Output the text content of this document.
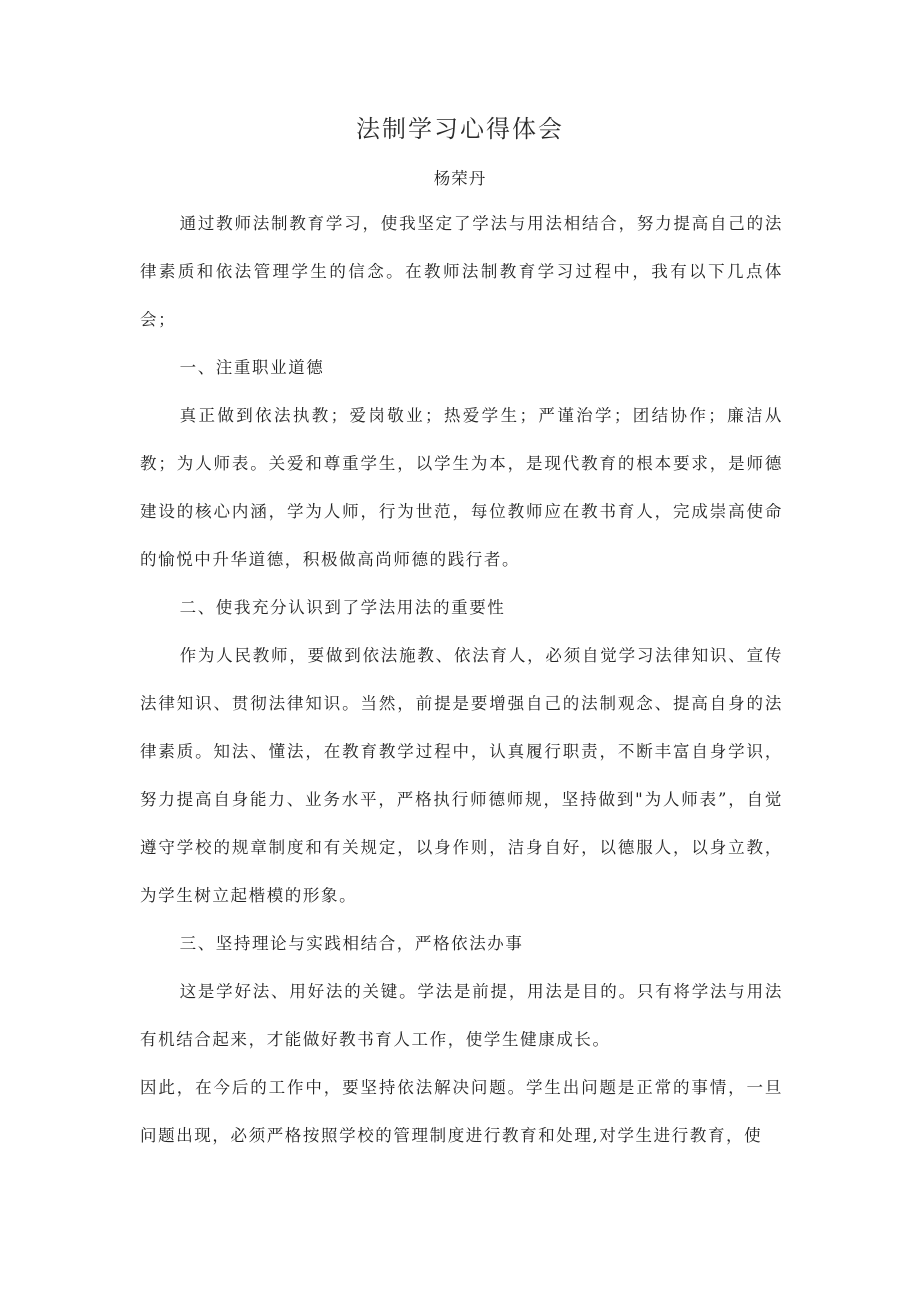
法制学习心得体会
杨荣丹

通过教师法制教育学习，使我坚定了学法与用法相结合，努力提高自己的法律素质和依法管理学生的信念。在教师法制教育学习过程中，我有以下几点体会；

一、注重职业道德

真正做到依法执教；爱岗敬业；热爱学生；严谨治学；团结协作；廉洁从教；为人师表。关爱和尊重学生，以学生为本，是现代教育的根本要求，是师德建设的核心内涵，学为人师，行为世范，每位教师应在教书育人，完成崇高使命的愉悦中升华道德，积极做高尚师德的践行者。

二、使我充分认识到了学法用法的重要性

作为人民教师，要做到依法施教、依法育人，必须自觉学习法律知识、宣传法律知识、贯彻法律知识。当然，前提是要增强自己的法制观念、提高自身的法律素质。知法、懂法，在教育教学过程中，认真履行职责，不断丰富自身学识，努力提高自身能力、业务水平，严格执行师德师规，坚持做到"为人师表”，自觉遵守学校的规章制度和有关规定，以身作则，洁身自好，以德服人，以身立教，为学生树立起楷模的形象。

三、坚持理论与实践相结合，严格依法办事

这是学好法、用好法的关键。学法是前提，用法是目的。只有将学法与用法有机结合起来，才能做好教书育人工作，使学生健康成长。

因此，在今后的工作中，要坚持依法解决问题。学生出问题是正常的事情，一旦问题出现，必须严格按照学校的管理制度进行教育和处理,对学生进行教育，使
